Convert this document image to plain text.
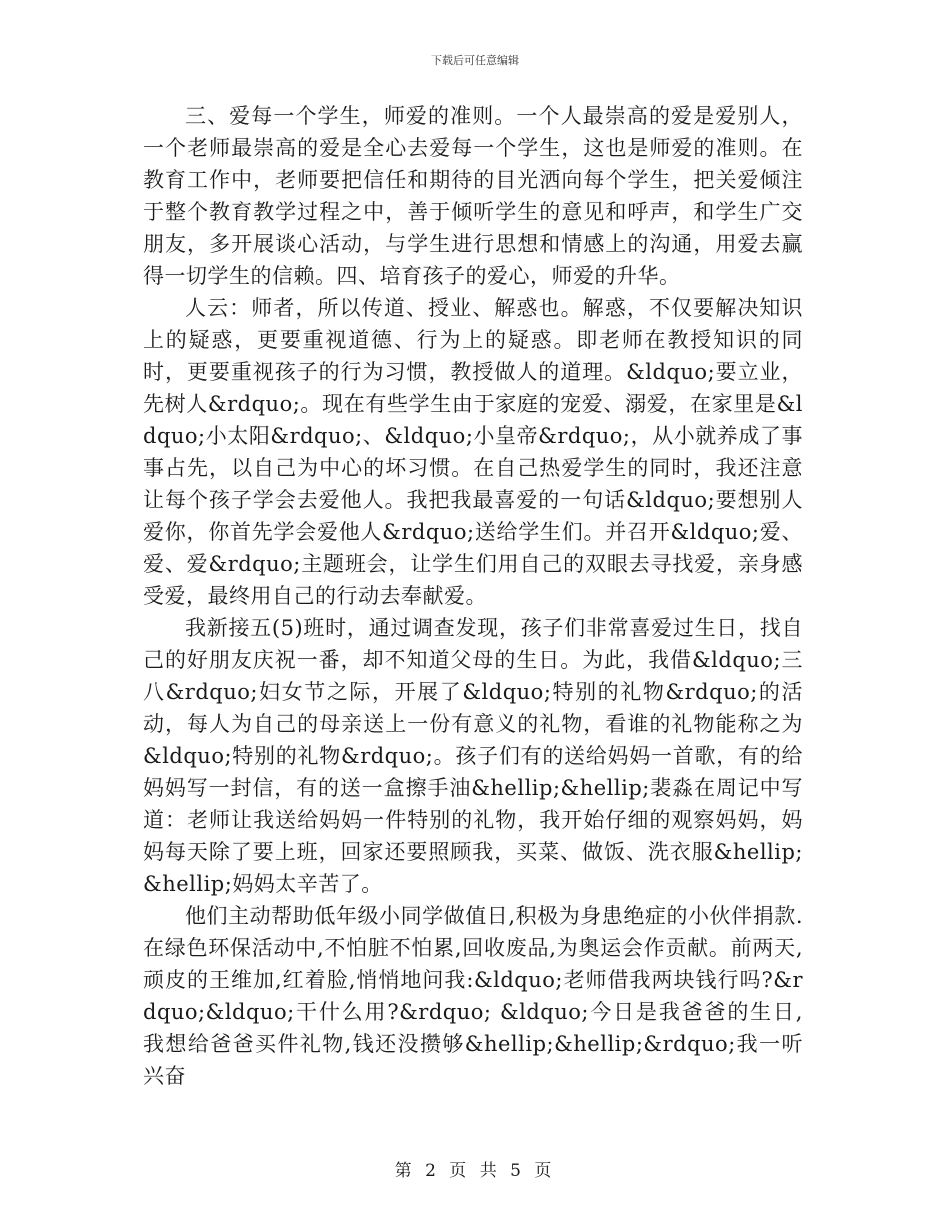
下载后可任意编辑

三、爱每一个学生，师爱的准则。一个人最崇高的爱是爱别人，一个老师最崇高的爱是全心去爱每一个学生，这也是师爱的准则。在教育工作中，老师要把信任和期待的目光洒向每个学生，把关爱倾注于整个教育教学过程之中，善于倾听学生的意见和呼声，和学生广交朋友，多开展谈心活动，与学生进行思想和情感上的沟通，用爱去赢得一切学生的信赖。四、培育孩子的爱心，师爱的升华。

人云：师者，所以传道、授业、解惑也。解惑，不仅要解决知识上的疑惑，更要重视道德、行为上的疑惑。即老师在教授知识的同时，更要重视孩子的行为习惯，教授做人的道理。&ldquo;要立业，先树人&rdquo;。现在有些学生由于家庭的宠爱、溺爱，在家里是&ldquo;小太阳&rdquo;、&ldquo;小皇帝&rdquo;，从小就养成了事事占先，以自己为中心的坏习惯。在自己热爱学生的同时，我还注意让每个孩子学会去爱他人。我把我最喜爱的一句话&ldquo;要想别人爱你，你首先学会爱他人&rdquo;送给学生们。并召开&ldquo;爱、爱、爱&rdquo;主题班会，让学生们用自己的双眼去寻找爱，亲身感受爱，最终用自己的行动去奉献爱。

我新接五(5)班时，通过调查发现，孩子们非常喜爱过生日，找自己的好朋友庆祝一番，却不知道父母的生日。为此，我借&ldquo;三八&rdquo;妇女节之际，开展了&ldquo;特别的礼物&rdquo;的活动，每人为自己的母亲送上一份有意义的礼物，看谁的礼物能称之为&ldquo;特别的礼物&rdquo;。孩子们有的送给妈妈一首歌，有的给妈妈写一封信，有的送一盒擦手油&hellip;&hellip;裴淼在周记中写道：老师让我送给妈妈一件特别的礼物，我开始仔细的观察妈妈，妈妈每天除了要上班，回家还要照顾我，买菜、做饭、洗衣服&hellip;&hellip;妈妈太辛苦了。

他们主动帮助低年级小同学做值日,积极为身患绝症的小伙伴捐款.在绿色环保活动中,不怕脏不怕累,回收废品,为奥运会作贡献。前两天,顽皮的王维加,红着脸,悄悄地问我:&ldquo;老师借我两块钱行吗?&rdquo;&ldquo;干什么用?&rdquo; &ldquo;今日是我爸爸的生日,我想给爸爸买件礼物,钱还没攒够&hellip;&hellip;&rdquo;我一听兴奋

第 2 页 共 5 页
